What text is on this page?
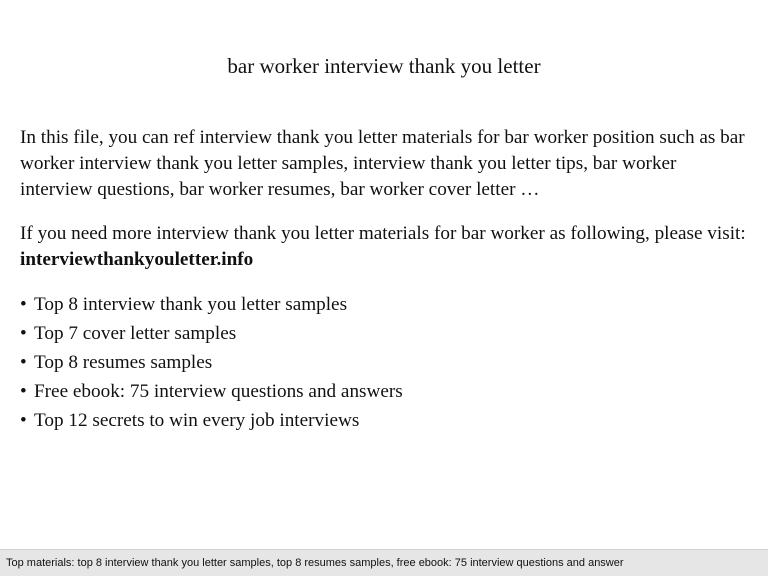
bar worker interview thank you letter
In this file, you can ref interview thank you letter materials for bar worker position such as bar worker interview thank you letter samples, interview thank you letter tips, bar worker interview questions, bar worker resumes, bar worker cover letter …
If you need more interview thank you letter materials for bar worker as following, please visit: interviewthankyouletter.info
• Top 8 interview thank you letter samples
• Top 7 cover letter samples
• Top 8 resumes samples
• Free ebook: 75 interview questions and answers
• Top 12 secrets to win every job interviews
Top materials: top 8 interview thank you letter samples, top 8 resumes samples, free ebook: 75 interview questions and answer
